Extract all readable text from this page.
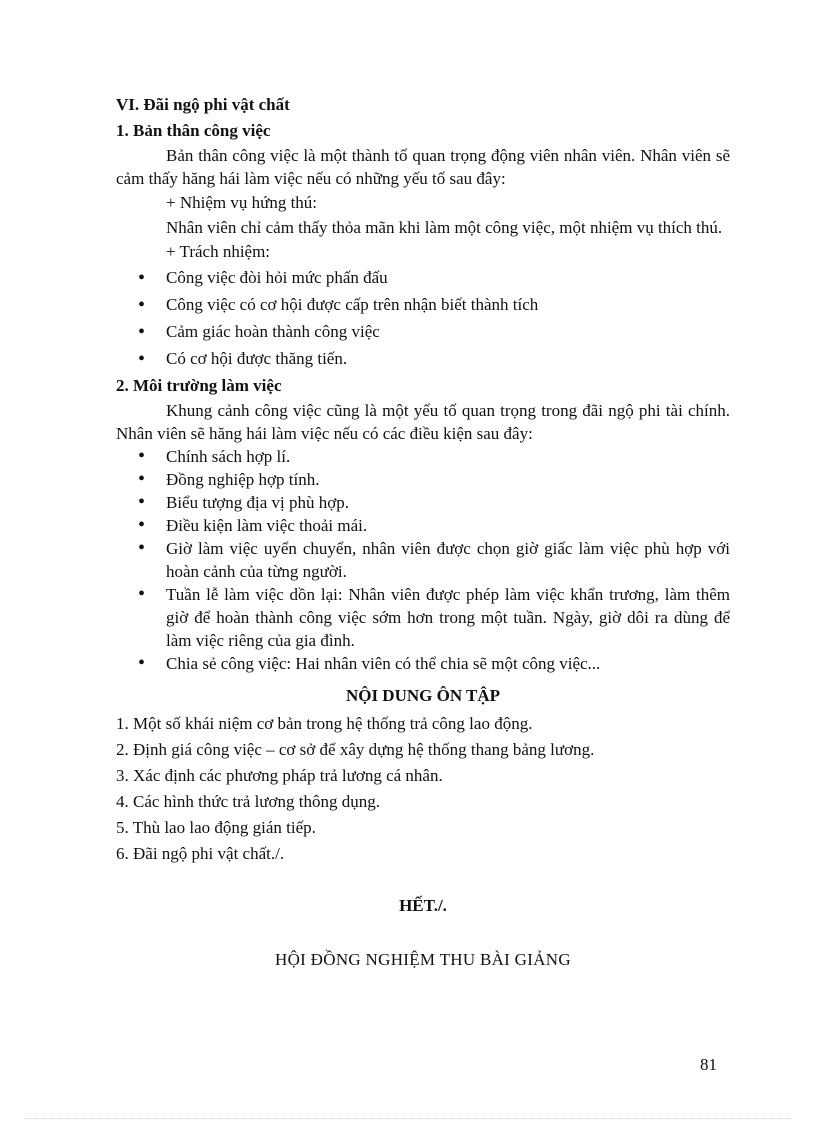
VI. Đãi ngộ phi vật chất

1. Bản thân công việc

Bản thân công việc là một thành tố quan trọng động viên nhân viên. Nhân viên sẽ cảm thấy hăng hái làm việc nếu có những yếu tố sau đây:

+ Nhiệm vụ hứng thú:

Nhân viên chỉ cảm thấy thỏa mãn khi làm một công việc, một nhiệm vụ thích thú.

+ Trách nhiệm:

• Công việc đòi hỏi mức phấn đấu
• Công việc có cơ hội được cấp trên nhận biết thành tích
• Cảm giác hoàn thành công việc
• Có cơ hội được thăng tiến.

2. Môi trường làm việc

Khung cảnh công việc cũng là một yếu tố quan trọng trong đãi ngộ phi tài chính. Nhân viên sẽ hăng hái làm việc nếu có các điều kiện sau đây:

• Chính sách hợp lí.
• Đồng nghiệp hợp tính.
• Biểu tượng địa vị phù hợp.
• Điều kiện làm việc thoải mái.
• Giờ làm việc uyển chuyển, nhân viên được chọn giờ giấc làm việc phù hợp với hoàn cảnh của từng người.
• Tuần lễ làm việc dồn lại: Nhân viên được phép làm việc khẩn trương, làm thêm giờ để hoàn thành công việc sớm hơn trong một tuần. Ngày, giờ dôi ra dùng để làm việc riêng của gia đình.
• Chia sẻ công việc: Hai nhân viên có thể chia sẽ một công việc...

NỘI DUNG ÔN TẬP

1. Một số khái niệm cơ bản trong hệ thống trả công lao động.
2. Định giá công việc – cơ sở để xây dựng hệ thống thang bảng lương.
3. Xác định các phương pháp trả lương cá nhân.
4. Các hình thức trả lương thông dụng.
5. Thù lao lao động gián tiếp.
6. Đãi ngộ phi vật chất./.

HẾT./.

HỘI ĐỒNG NGHIỆM THU BÀI GIẢNG

81
